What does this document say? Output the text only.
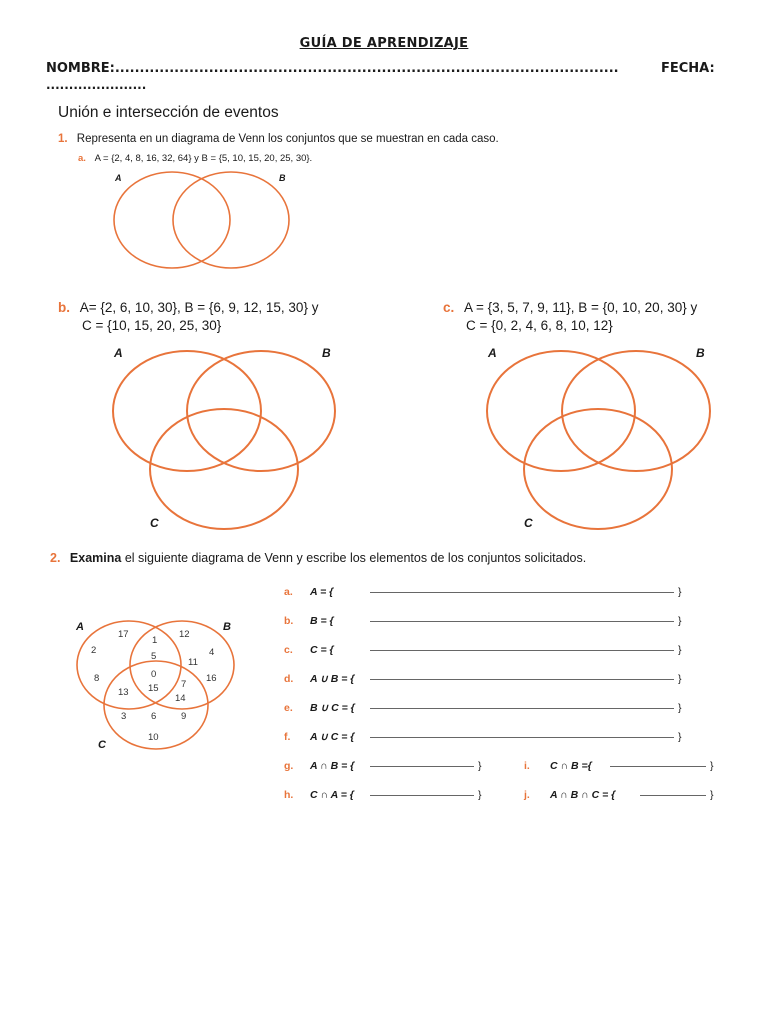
GUÍA DE APRENDIZAJE
NOMBRE:......................................................................................................	FECHA:
......................
Unión e intersección de eventos
1. Representa en un diagrama de Venn los conjuntos que se muestran en cada caso.
a. A = {2, 4, 8, 16, 32, 64} y B = {5, 10, 15, 20, 25, 30}.
b. A= {2, 6, 10, 30}, B = {6, 9, 12, 15, 30} y
C = {10, 15, 20, 25, 30}
c. A = {3, 5, 7, 9, 11}, B = {0, 10, 20, 30} y
C = {0, 2, 4, 6, 8, 10, 12}
A	B
A	B
C
A	B
C
2. Examina el siguiente diagrama de Venn y escribe los elementos de los conjuntos solicitados.
A	B
C
17
1
12
2
5	4
11
8	0
7
16
13 15
14
3	6	9
10
a. A = {	}
b. B = {	}
c. C = {	}
d. A ∪ B = {	}
e. B ∪ C = {	}
f. A ∪ C = {	}
g. A ∩ B = {	}
h. C ∩ A = {	}
i. C ∩ B ={	}
j. A ∩ B ∩ C = {	}
